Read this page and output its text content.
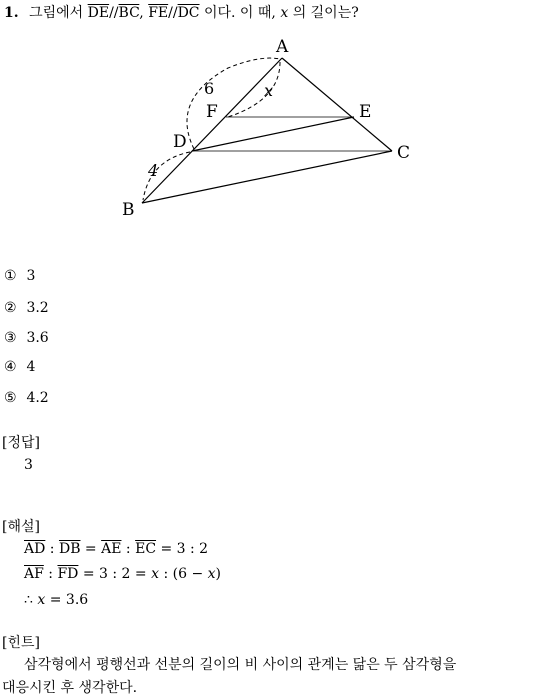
1. 그림에서 $\overline{DE}//\overline{BC}$, $\overline{FE}//\overline{DC}$ 이다. 이 때, x 의 길이는?
A
B
C
D
E
F
6
4
x
① 3
② 3.2
③ 3.6
④ 4
⑤ 4.2
[정답]
3
[해설]
$\overline{AD}$ : $\overline{DB} = \overline{AE}$ : $\overline{EC} = 3$ : 2
$\overline{AF}$ : $\overline{FD} = 3$ : 2 = x : (6 − x)
∴ x = 3.6
[힌트]
삼각형에서 평행선과 선분의 길이의 비 사이의 관계는 닮은 두 삼각형을
대응시킨 후 생각한다.
